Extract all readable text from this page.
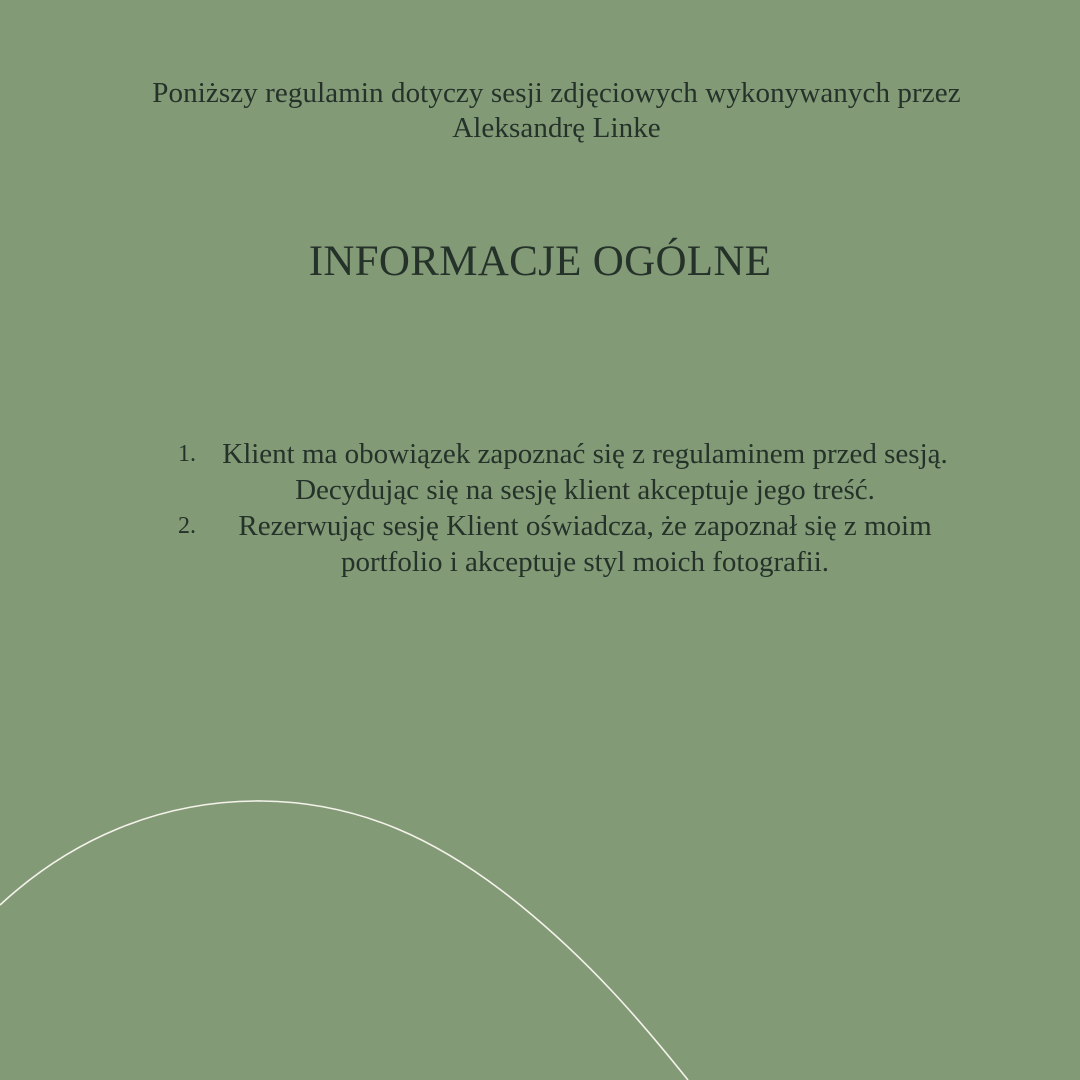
Poniższy regulamin dotyczy sesji zdjęciowych wykonywanych przez
Aleksandrę Linke
INFORMACJE OGÓLNE
1. Klient ma obowiązek zapoznać się z regulaminem przed sesją.
Decydując się na sesję klient akceptuje jego treść.
2.	Rezerwując sesję Klient oświadcza, że zapoznał się z moim
portfolio i akceptuje styl moich fotografii.
